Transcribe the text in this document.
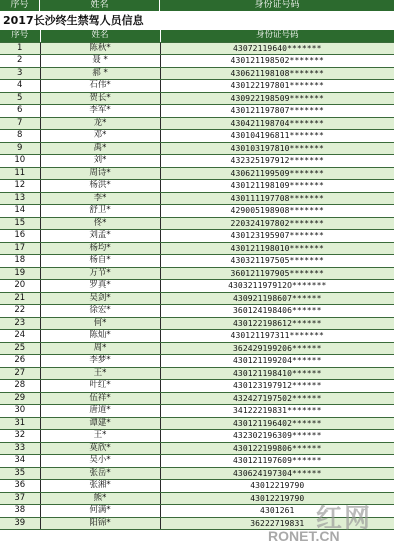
序号	姓名	身份证号码
2017长沙终生禁驾人员信息
序号	姓名	身份证号码
1	陈秋*	43072119640*******
2	聂 *	430121198502*******
3	郝 *	430621198108*******
4	石伟*	430122197801*******
5	贺长*	430922198509*******
6	李军*	430121197807*******
7	龙*	430421198704*******
8	邓*	430104196811*******
9	禹*	430103197810*******
10	刘*	432325197912*******
11	周诗*	430621199509*******
12	杨洪*	430121198109*******
13	李*	430111197708*******
14	舒卫*	429005198908*******
15	佟*	220324197802*******
16	刘孟*	430123195907*******
17	杨均*	430121198010*******
18	杨自*	430321197505*******
19	万节*	360121197905*******
20	罗真*	430321197912O*******
21	吴剑*	430921198607******
22	徐宏*	360124198406******
23	何*	430122198612******
24	陈灿*	430121197311*******
25	周*	362429199206******
26	李梦*	430121199204******
27	王*	430121198410******
28	叶红*	430123197912******
29	伍祥*	432427197502******
30	唐道*	34122219831*******
31	谭建*	430121196402******
32	王*	432302196309******
33	莫欣*	430122199806******
34	吴小*	430121197609******
35	张岳*	430624197304******
36	张湘*	43012219790
37	熊*	43012219790
38	何满*	4301261
39	阳锦*	36222719831 红网
RONET.CN
